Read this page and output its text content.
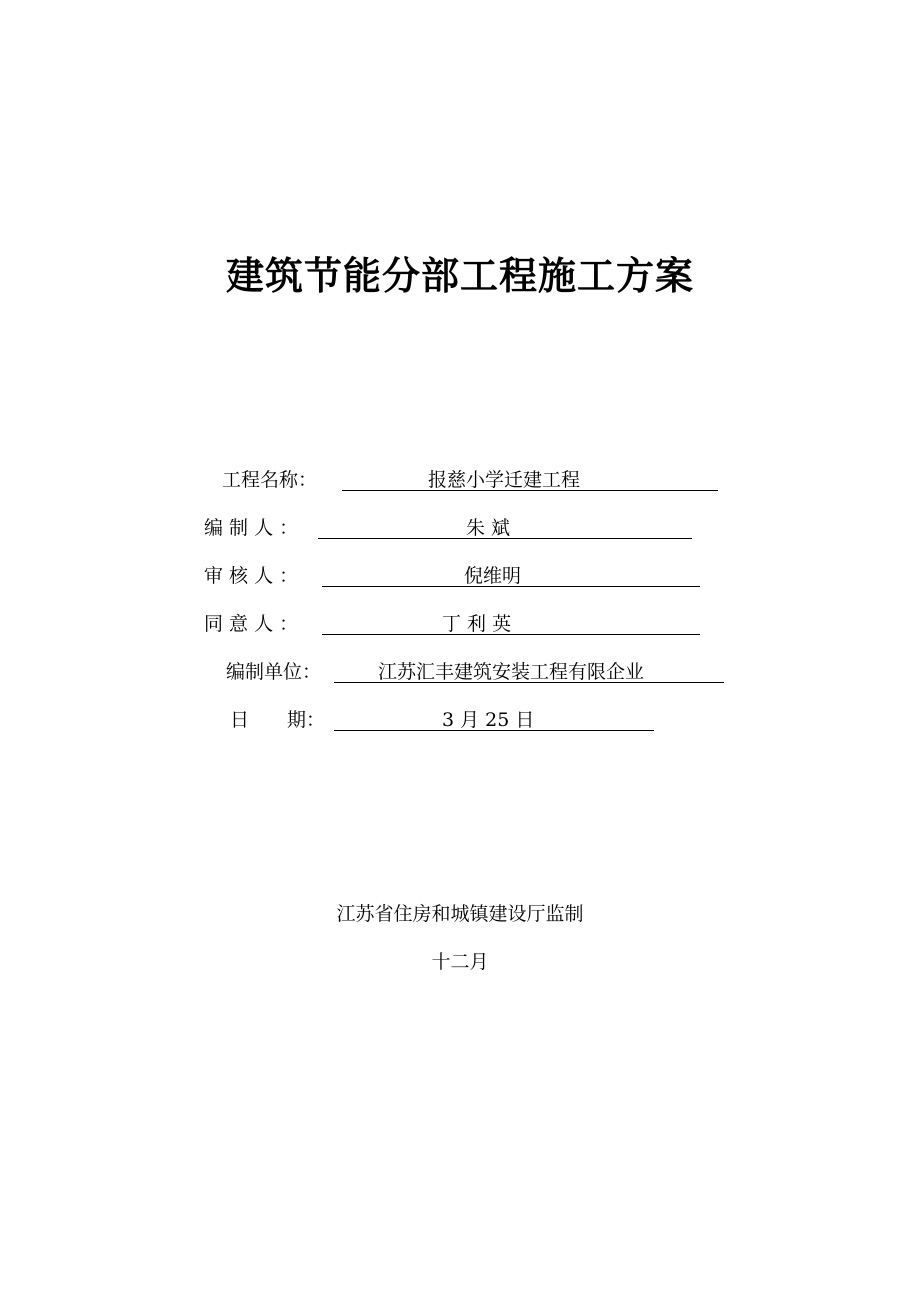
建筑节能分部工程施工方案
工程名称：	报慈小学迁建工程
编 制 人 ：	朱 斌
审 核 人 ：	倪维明
同 意 人 ：	丁 利 英
编制单位：	江苏汇丰建筑安装工程有限企业
日　　期：	3 月 25 日
江苏省住房和城镇建设厅监制
十二月
